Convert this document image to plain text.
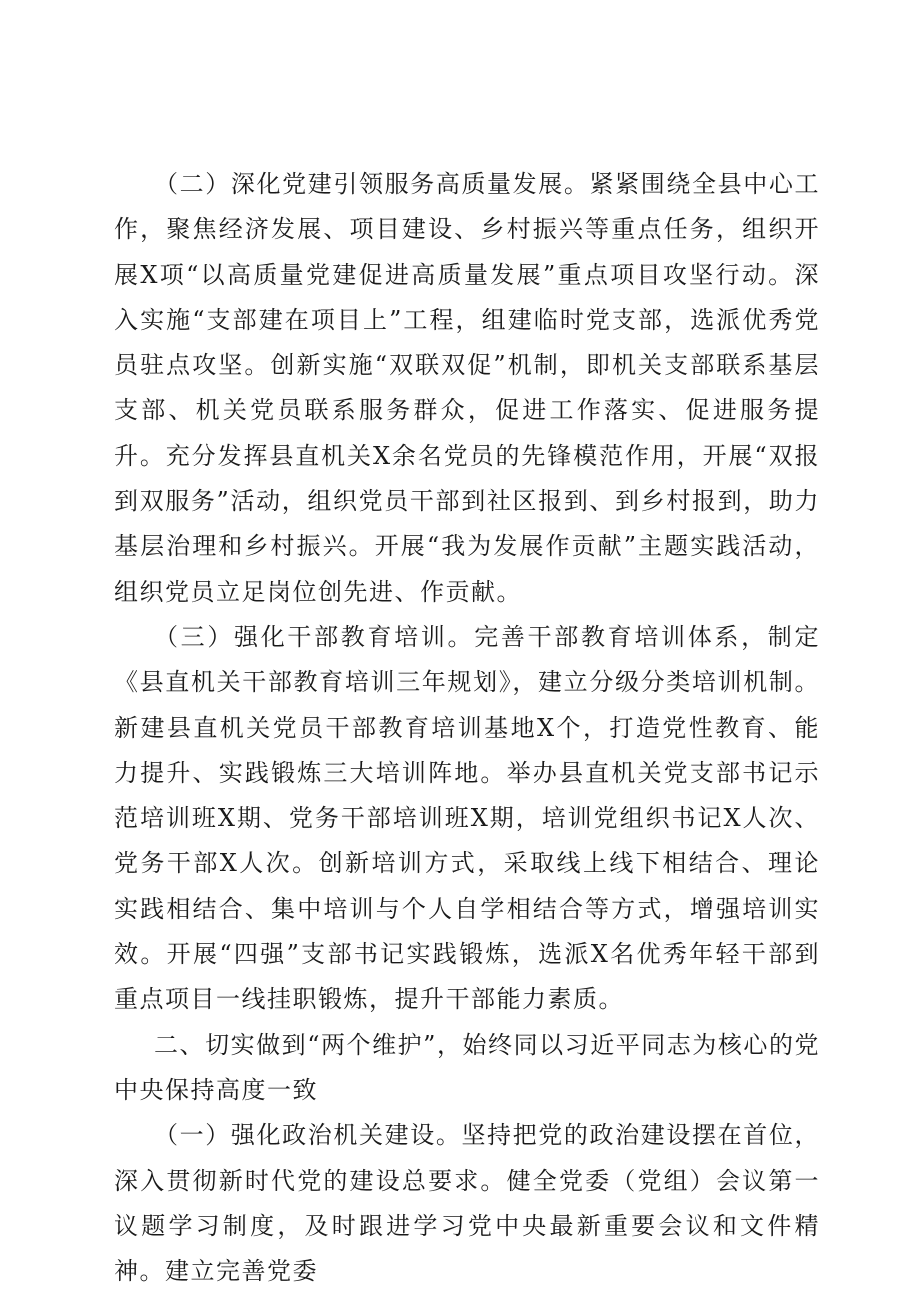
（二）深化党建引领服务高质量发展。紧紧围绕全县中心工作，聚焦经济发展、项目建设、乡村振兴等重点任务，组织开展X项“以高质量党建促进高质量发展”重点项目攻坚行动。深入实施“支部建在项目上”工程，组建临时党支部，选派优秀党员驻点攻坚。创新实施“双联双促”机制，即机关支部联系基层支部、机关党员联系服务群众，促进工作落实、促进服务提升。充分发挥县直机关X余名党员的先锋模范作用，开展“双报到双服务”活动，组织党员干部到社区报到、到乡村报到，助力基层治理和乡村振兴。开展“我为发展作贡献”主题实践活动，组织党员立足岗位创先进、作贡献。

（三）强化干部教育培训。完善干部教育培训体系，制定《县直机关干部教育培训三年规划》，建立分级分类培训机制。新建县直机关党员干部教育培训基地X个，打造党性教育、能力提升、实践锻炼三大培训阵地。举办县直机关党支部书记示范培训班X期、党务干部培训班X期，培训党组织书记X人次、党务干部X人次。创新培训方式，采取线上线下相结合、理论实践相结合、集中培训与个人自学相结合等方式，增强培训实效。开展“四强”支部书记实践锻炼，选派X名优秀年轻干部到重点项目一线挂职锻炼，提升干部能力素质。

二、切实做到“两个维护”，始终同以习近平同志为核心的党中央保持高度一致

（一）强化政治机关建设。坚持把党的政治建设摆在首位，深入贯彻新时代党的建设总要求。健全党委（党组）会议第一议题学习制度，及时跟进学习党中央最新重要会议和文件精神。建立完善党委
